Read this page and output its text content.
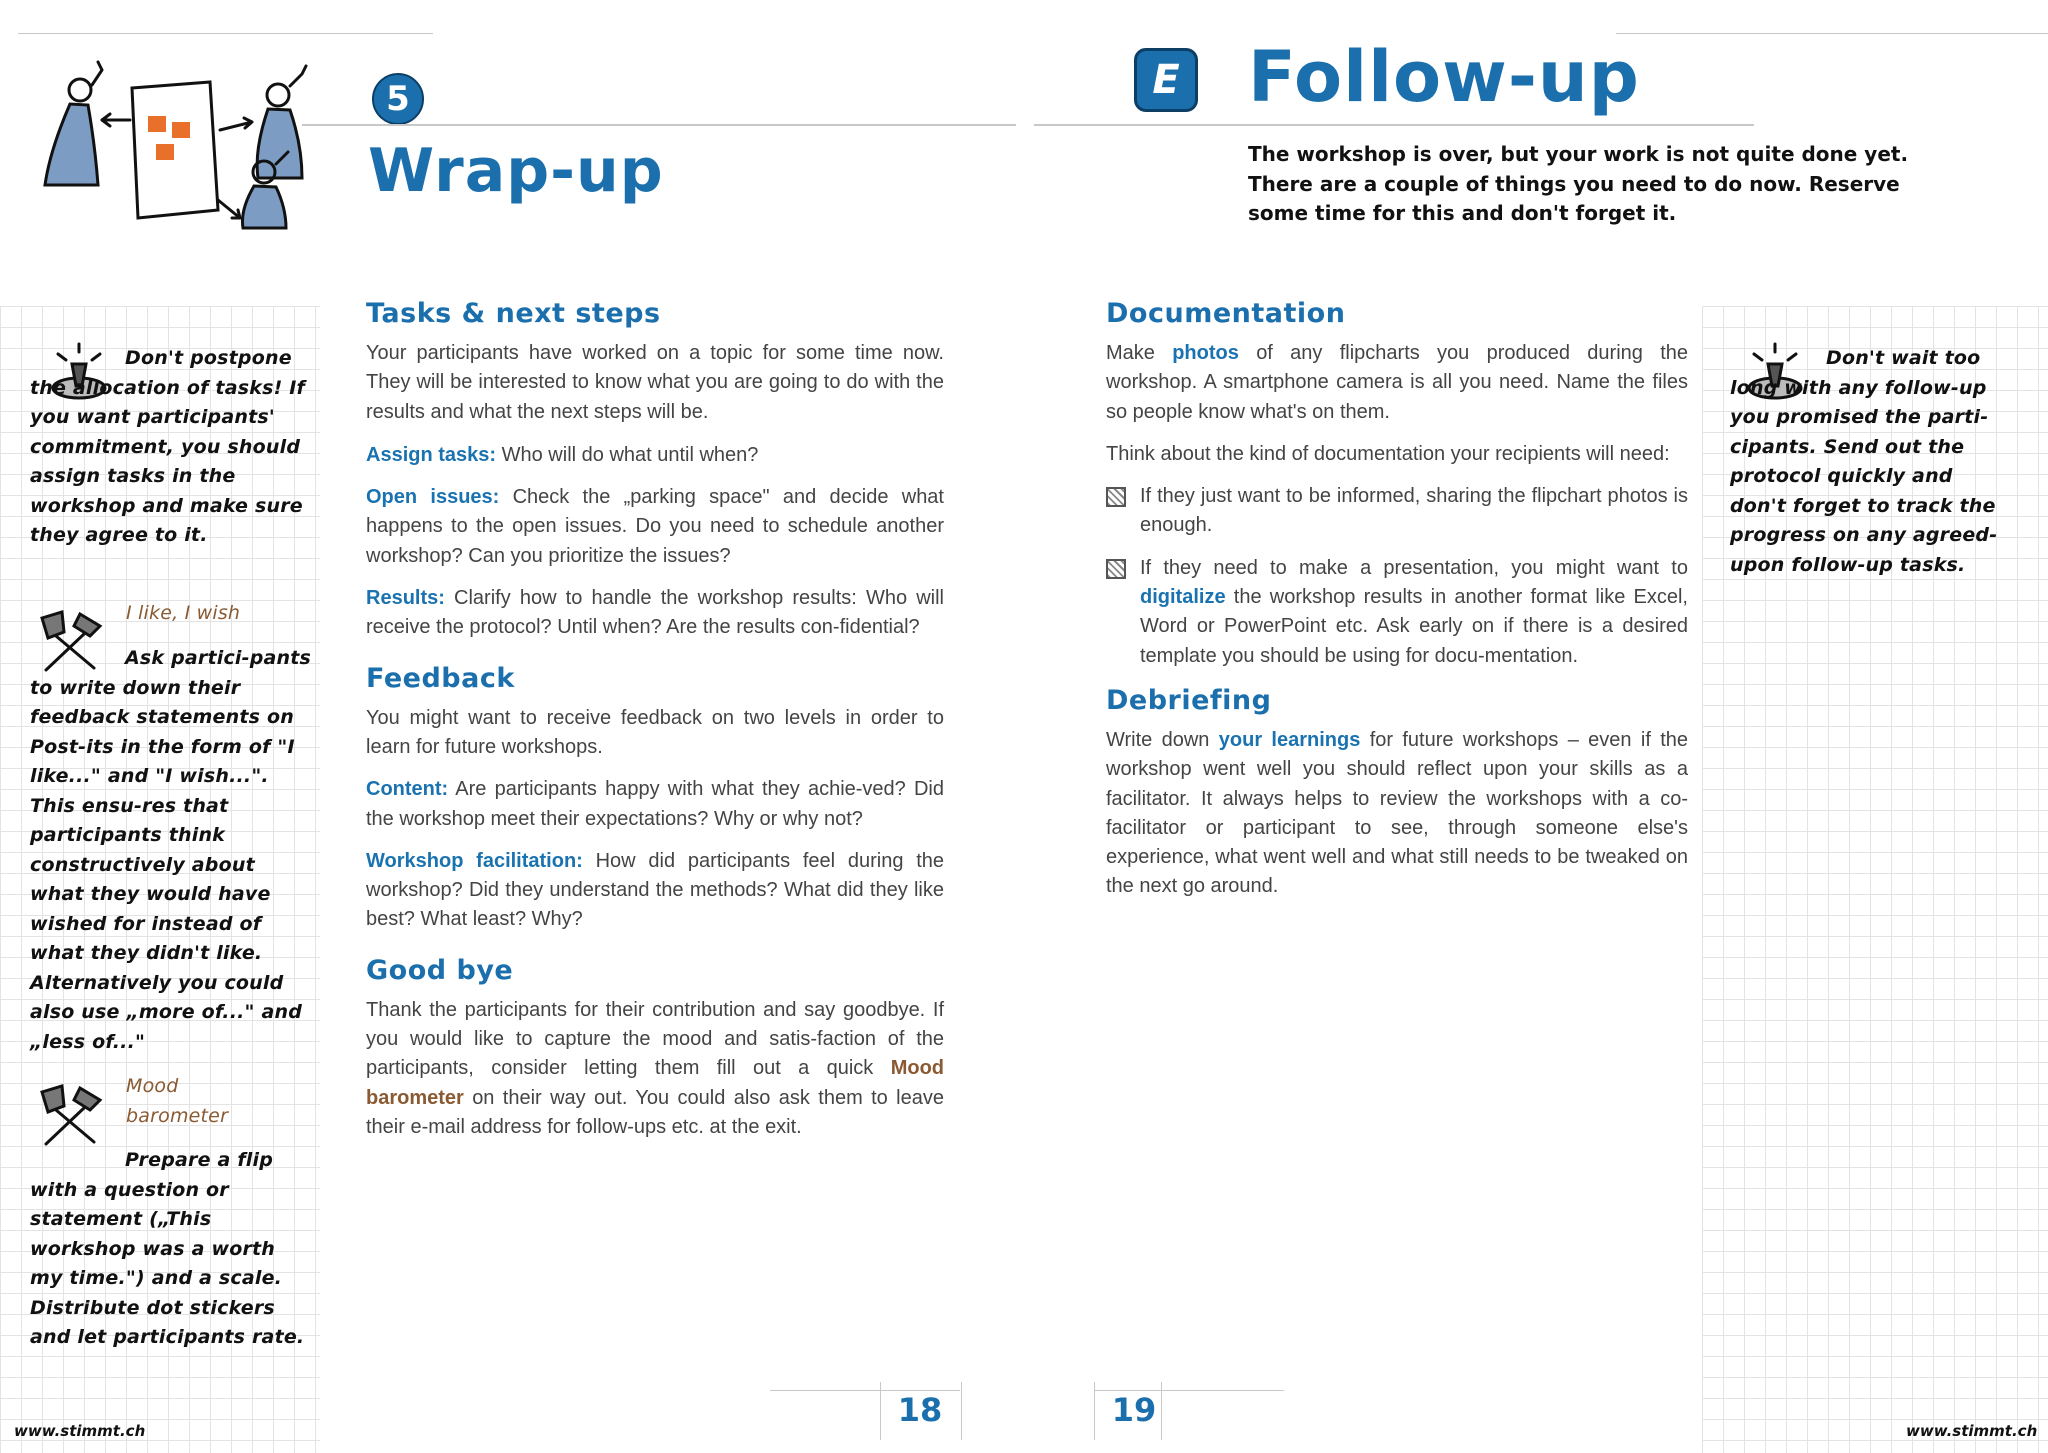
5
Wrap-up
Don't postpone the allocation of tasks! If you want participants' commitment, you should assign tasks in the workshop and make sure they agree to it.
I like, I wish
Ask partici-pants to write down their feedback statements on Post-its in the form of "I like..." and "I wish...". This ensu-res that participants think constructively about what they would have wished for instead of what they didn't like. Alternatively you could also use „more of..." and „less of..."
Mood barometer
Prepare a flip with a question or statement („This workshop was a worth my time.") and a scale. Distribute dot stickers and let participants rate.
www.stimmt.ch
Tasks & next steps

Your participants have worked on a topic for some time now. They will be interested to know what you are going to do with the results and what the next steps will be.

Assign tasks: Who will do what until when?

Open issues: Check the „parking space" and decide what happens to the open issues. Do you need to schedule another workshop? Can you prioritize the issues?

Results: Clarify how to handle the workshop results: Who will receive the protocol? Until when? Are the results con-fidential?

Feedback

You might want to receive feedback on two levels in order to learn for future workshops.

Content: Are participants happy with what they achie-ved? Did the workshop meet their expectations? Why or why not?

Workshop facilitation: How did participants feel during the workshop? Did they understand the methods? What did they like best? What least? Why?

Good bye

Thank the participants for their contribution and say goodbye. If you would like to capture the mood and satis-faction of the participants, consider letting them fill out a quick Mood barometer on their way out. You could also ask them to leave their e-mail address for follow-ups etc. at the exit.

18
E Follow-up
The workshop is over, but your work is not quite done yet. There are a couple of things you need to do now. Reserve some time for this and don't forget it.
Documentation

Make photos of any flipcharts you produced during the workshop. A smartphone camera is all you need. Name the files so people know what's on them.

Think about the kind of documentation your recipients will need:

If they just want to be informed, sharing the flipchart photos is enough.
If they need to make a presentation, you might want to digitalize the workshop results in another format like Excel, Word or PowerPoint etc. Ask early on if there is a desired template you should be using for docu-mentation.
Debriefing

Write down your learnings for future workshops – even if the workshop went well you should reflect upon your skills as a facilitator. It always helps to review the workshops with a co-facilitator or participant to see, through someone else's experience, what went well and what still needs to be tweaked on the next go around.

Don't wait too long with any follow-up you promised the parti-cipants. Send out the protocol quickly and don't forget to track the progress on any agreed-upon follow-up tasks.
www.stimmt.ch
19
